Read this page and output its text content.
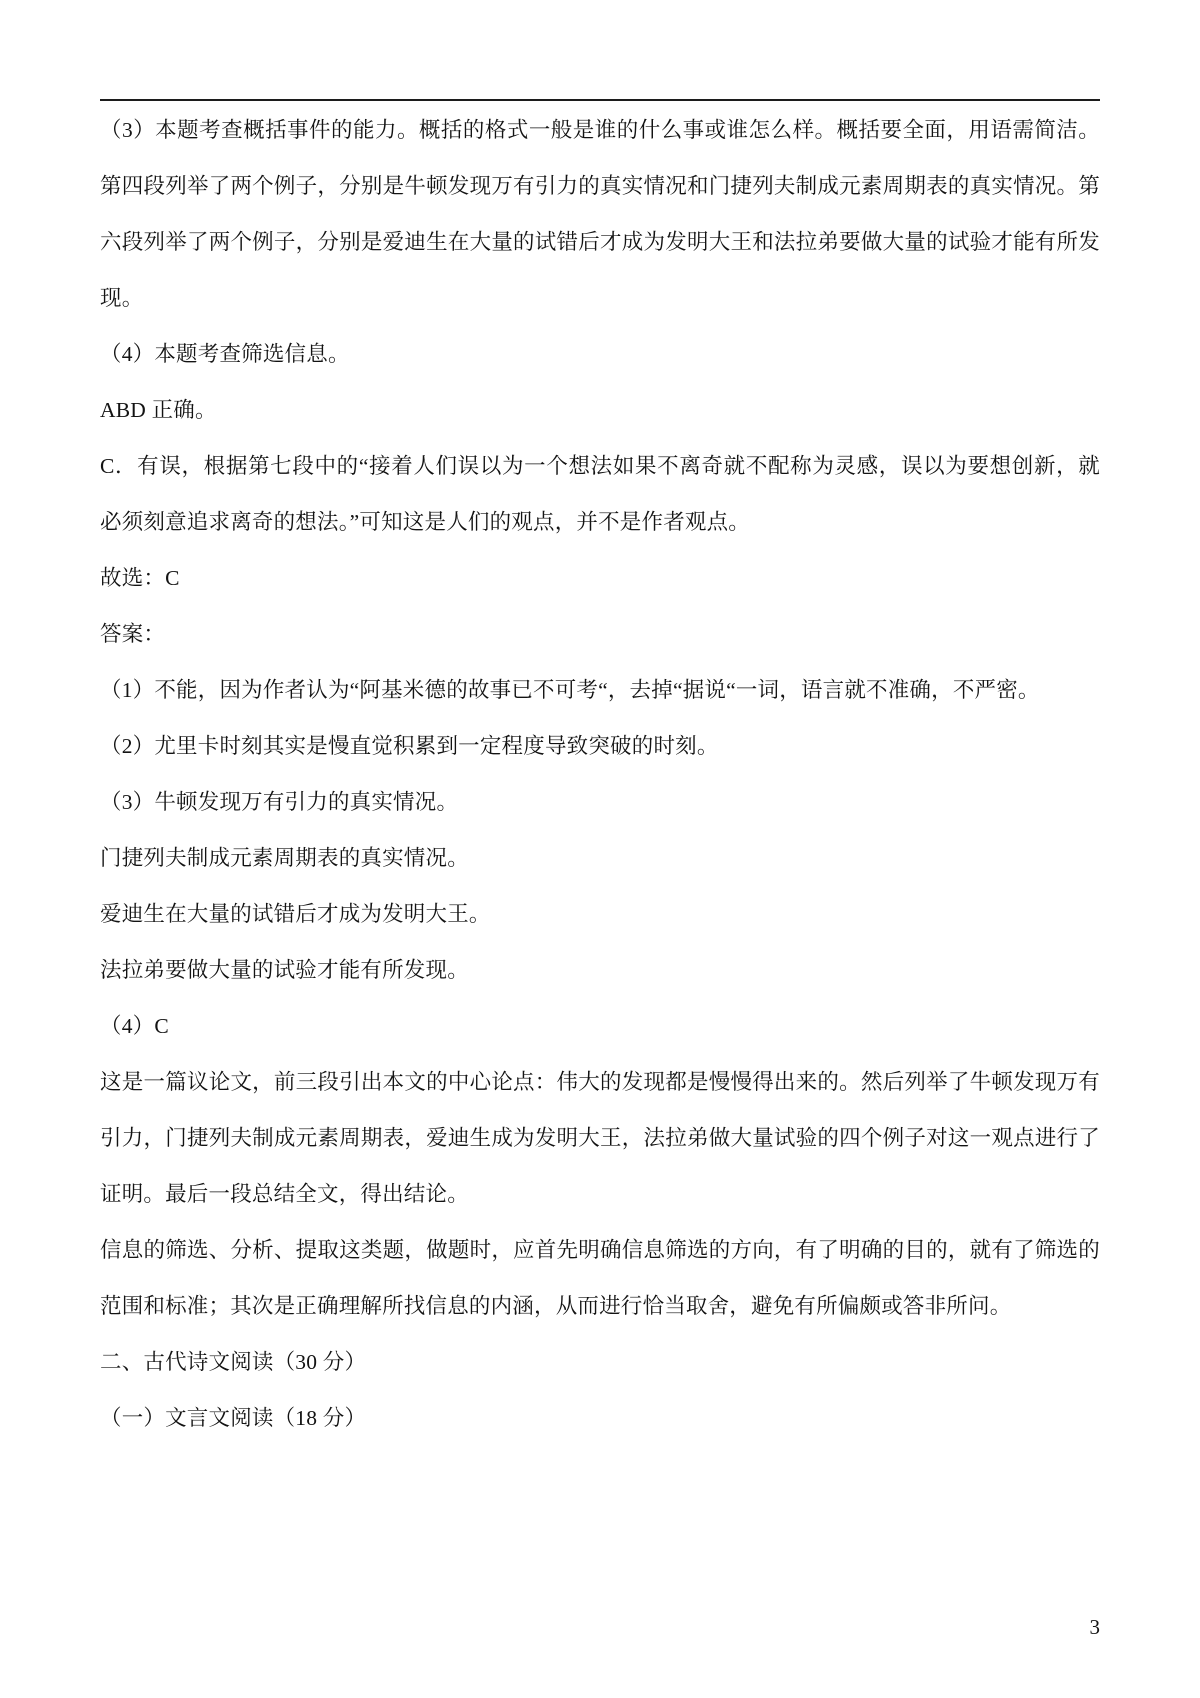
（3）本题考查概括事件的能力。概括的格式一般是谁的什么事或谁怎么样。概括要全面，用语需简洁。第四段列举了两个例子，分别是牛顿发现万有引力的真实情况和门捷列夫制成元素周期表的真实情况。第六段列举了两个例子，分别是爱迪生在大量的试错后才成为发明大王和法拉弟要做大量的试验才能有所发现。

（4）本题考查筛选信息。

ABD 正确。

C．有误，根据第七段中的“接着人们误以为一个想法如果不离奇就不配称为灵感，误以为要想创新，就必须刻意追求离奇的想法。”可知这是人们的观点，并不是作者观点。

故选：C

答案：

（1）不能，因为作者认为“阿基米德的故事已不可考“，去掉“据说“一词，语言就不准确，不严密。

（2）尤里卡时刻其实是慢直觉积累到一定程度导致突破的时刻。

（3）牛顿发现万有引力的真实情况。

门捷列夫制成元素周期表的真实情况。

爱迪生在大量的试错后才成为发明大王。

法拉弟要做大量的试验才能有所发现。

（4）C

这是一篇议论文，前三段引出本文的中心论点：伟大的发现都是慢慢得出来的。然后列举了牛顿发现万有引力，门捷列夫制成元素周期表，爱迪生成为发明大王，法拉弟做大量试验的四个例子对这一观点进行了证明。最后一段总结全文，得出结论。

信息的筛选、分析、提取这类题，做题时，应首先明确信息筛选的方向，有了明确的目的，就有了筛选的范围和标准；其次是正确理解所找信息的内涵，从而进行恰当取舍，避免有所偏颇或答非所问。

二、古代诗文阅读（30 分）

（一）文言文阅读（18 分）

3
